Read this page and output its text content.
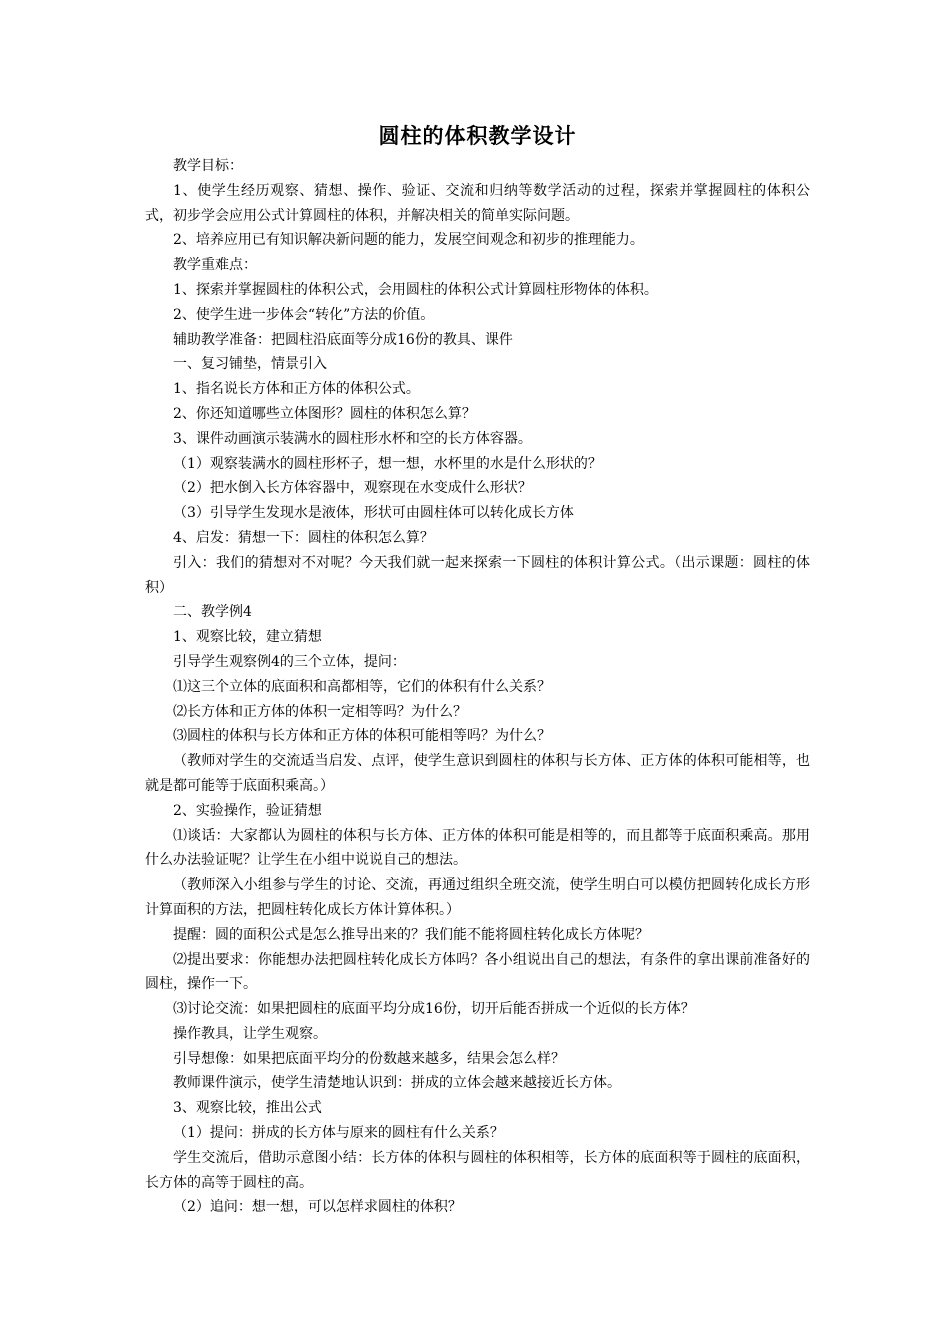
圆柱的体积教学设计

教学目标：

1、使学生经历观察、猜想、操作、验证、交流和归纳等数学活动的过程，探索并掌握圆柱的体积公式，初步学会应用公式计算圆柱的体积，并解决相关的简单实际问题。

2、培养应用已有知识解决新问题的能力，发展空间观念和初步的推理能力。

教学重难点：

1、探索并掌握圆柱的体积公式，会用圆柱的体积公式计算圆柱形物体的体积。

2、使学生进一步体会“转化”方法的价值。

辅助教学准备：把圆柱沿底面等分成16份的教具、课件

一、复习铺垫，情景引入

1、指名说长方体和正方体的体积公式。

2、你还知道哪些立体图形？圆柱的体积怎么算？

3、课件动画演示装满水的圆柱形水杯和空的长方体容器。

（1）观察装满水的圆柱形杯子，想一想，水杯里的水是什么形状的？

（2）把水倒入长方体容器中，观察现在水变成什么形状？

（3）引导学生发现水是液体，形状可由圆柱体可以转化成长方体

4、启发：猜想一下：圆柱的体积怎么算？

引入：我们的猜想对不对呢？今天我们就一起来探索一下圆柱的体积计算公式。（出示课题：圆柱的体积）

二、教学例4

1、观察比较，建立猜想

引导学生观察例4的三个立体，提问：

⑴这三个立体的底面积和高都相等，它们的体积有什么关系？

⑵长方体和正方体的体积一定相等吗？为什么？

⑶圆柱的体积与长方体和正方体的体积可能相等吗？为什么？

（教师对学生的交流适当启发、点评，使学生意识到圆柱的体积与长方体、正方体的体积可能相等，也就是都可能等于底面积乘高。）

2、实验操作，验证猜想

⑴谈话：大家都认为圆柱的体积与长方体、正方体的体积可能是相等的，而且都等于底面积乘高。那用什么办法验证呢？让学生在小组中说说自己的想法。

（教师深入小组参与学生的讨论、交流，再通过组织全班交流，使学生明白可以模仿把圆转化成长方形计算面积的方法，把圆柱转化成长方体计算体积。）

提醒：圆的面积公式是怎么推导出来的？我们能不能将圆柱转化成长方体呢？

⑵提出要求：你能想办法把圆柱转化成长方体吗？各小组说出自己的想法，有条件的拿出课前准备好的圆柱，操作一下。

⑶讨论交流：如果把圆柱的底面平均分成16份，切开后能否拼成一个近似的长方体？

操作教具，让学生观察。

引导想像：如果把底面平均分的份数越来越多，结果会怎么样？

教师课件演示，使学生清楚地认识到：拼成的立体会越来越接近长方体。

3、观察比较，推出公式

（1）提问：拼成的长方体与原来的圆柱有什么关系？

学生交流后，借助示意图小结：长方体的体积与圆柱的体积相等，长方体的底面积等于圆柱的底面积，长方体的高等于圆柱的高。

（2）追问：想一想，可以怎样求圆柱的体积？
